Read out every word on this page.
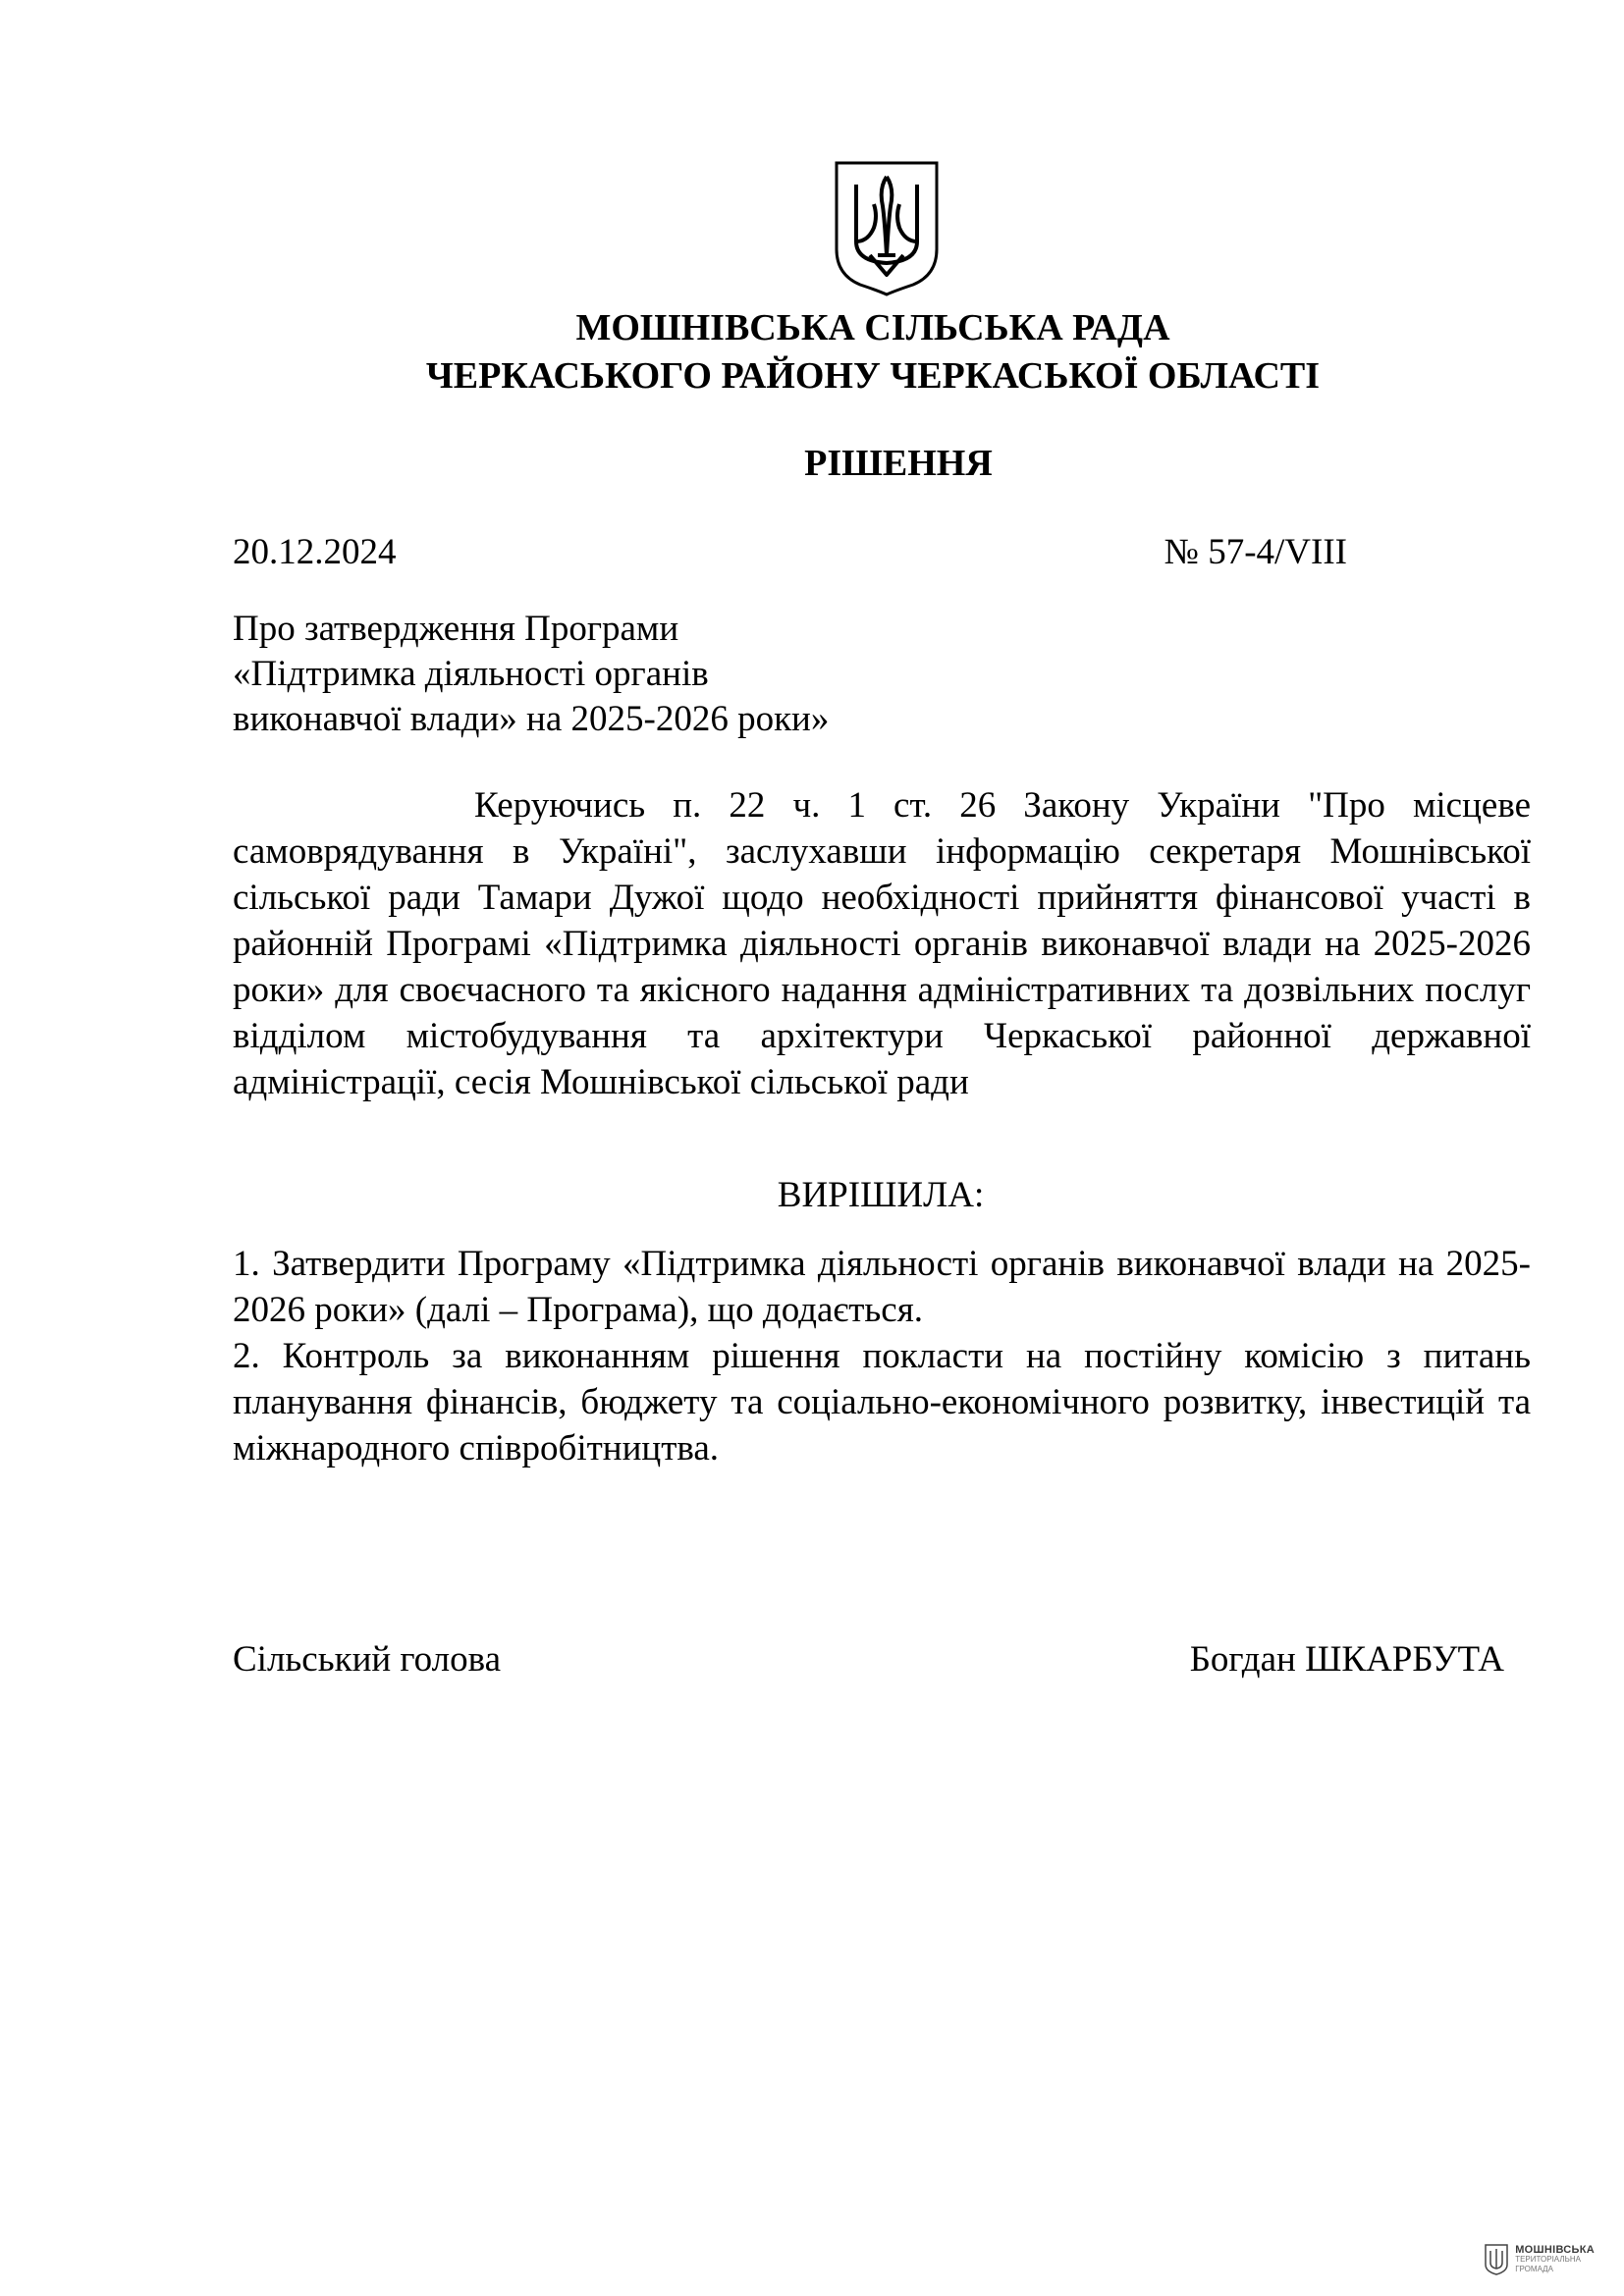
МОШНІВСЬКА СІЛЬСЬКА РАДА
ЧЕРКАСЬКОГО РАЙОНУ ЧЕРКАСЬКОЇ ОБЛАСТІ
РІШЕННЯ
20.12.2024	№ 57-4/VIII
Про затвердження Програми
«Підтримка діяльності органів
виконавчої влади» на 2025-2026 роки»
Керуючись п. 22 ч. 1 ст. 26 Закону України "Про місцеве самоврядування в Україні", заслухавши інформацію секретаря Мошнівської сільської ради Тамари Дужої щодо необхідності прийняття фінансової участі в районній Програмі «Підтримка діяльності органів виконавчої влади на 2025-2026 роки» для своєчасного та якісного надання адміністративних та дозвільних послуг відділом містобудування та архітектури Черкаської районної державної адміністрації, сесія Мошнівської сільської ради
ВИРІШИЛА:

1. Затвердити Програму «Підтримка діяльності органів виконавчої влади на 2025-2026 роки» (далі – Програма), що додається.

2. Контроль за виконанням рішення покласти на постійну комісію з питань планування фінансів, бюджету та соціально-економічного розвитку, інвестицій та міжнародного співробітництва.

Сільський голова	Богдан ШКАРБУТА
МОШНІВСЬКА
ТЕРИТОРІАЛЬНА
ГРОМАДА
